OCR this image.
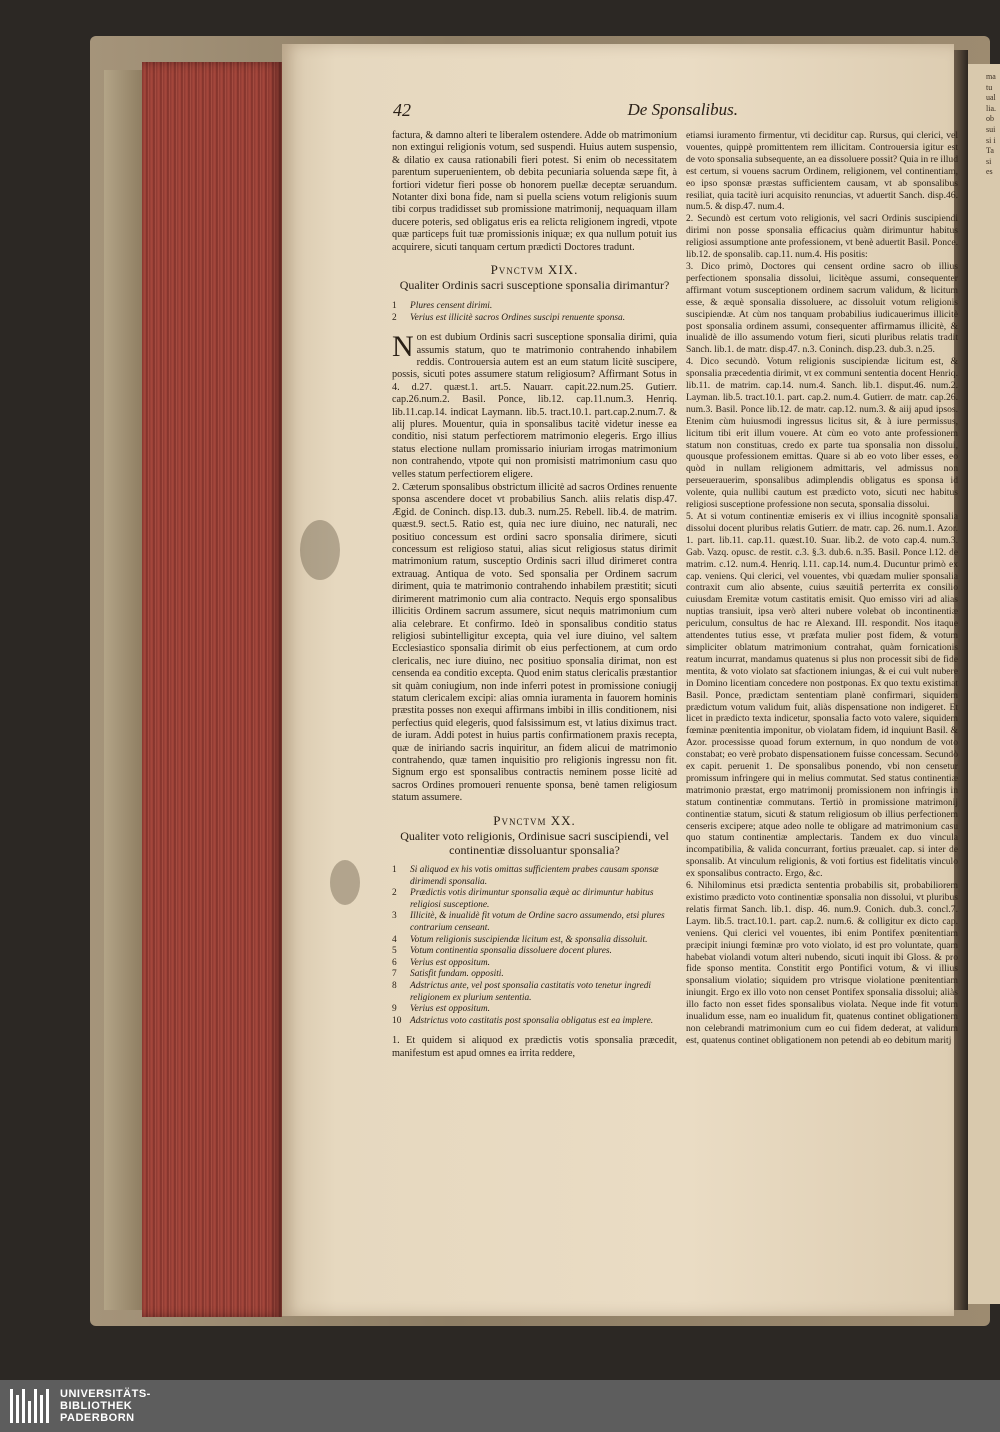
ma
tu
ual
lia.
ob
sui
si i
Ta
si
es
42	De Sponsalibus.

factura, & damno alteri te liberalem ostendere. Adde ob matrimonium non extingui religionis votum, sed suspendi. Huius autem suspensio, & dilatio ex causa rationabili fieri potest. Si enim ob necessitatem parentum superuenientem, ob debita pecuniaria soluenda sæpe fit, à fortiori videtur fieri posse ob honorem puellæ deceptæ seruandum. Notanter dixi bona fide, nam si puella sciens votum religionis suum tibi corpus tradidisset sub promissione matrimonij, nequaquam illam ducere poteris, sed obligatus eris ea relicta religionem ingredi, vtpote quæ particeps fuit tuæ promissionis iniquæ; ex qua nullum potuit ius acquirere, sicuti tanquam certum prædicti Doctores tradunt.

Pvnctvm XIX.
Qualiter Ordinis sacri susceptione sponsalia dirimantur?
1	Plures censent dirimi.
2	Verius est illicitè sacros Ordines suscipi renuente sponsa.

Non est dubium Ordinis sacri susceptione sponsalia dirimi, quia assumis statum, quo te matrimonio contrahendo inhabilem reddis. Controuersia autem est an eum statum licitè suscipere, possis, sicuti potes assumere statum religiosum? Affirmant Sotus in 4. d.27. quæst.1. art.5. Nauarr. capit.22.num.25. Gutierr. cap.26.num.2. Basil. Ponce, lib.12. cap.11.num.3. Henriq. lib.11.cap.14. indicat Laymann. lib.5. tract.10.1. part.cap.2.num.7. & alij plures. Mouentur, quia in sponsalibus tacitè videtur inesse ea conditio, nisi statum perfectiorem matrimonio elegeris. Ergo illius status electione nullam promissario iniuriam irrogas matrimonium non contrahendo, vtpote qui non promisisti matrimonium casu quo velles statum perfectiorem eligere.

2. Cæterum sponsalibus obstrictum illicitè ad sacros Ordines renuente sponsa ascendere docet vt probabilius Sanch. aliis relatis disp.47. Ægid. de Coninch. disp.13. dub.3. num.25. Rebell. lib.4. de matrim. quæst.9. sect.5. Ratio est, quia nec iure diuino, nec naturali, nec positiuo concessum est ordini sacro sponsalia dirimere, sicuti concessum est religioso statui, alias sicut religiosus status dirimit matrimonium ratum, susceptio Ordinis sacri illud dirimeret contra extrauag. Antiqua de voto. Sed sponsalia per Ordinem sacrum diriment, quia te matrimonio contrahendo inhabilem præstitit; sicuti dirimerent matrimonio cum alia contracto. Nequis ergo sponsalibus illicitis Ordinem sacrum assumere, sicut nequis matrimonium cum alia celebrare. Et confirmo. Ideò in sponsalibus conditio status religiosi subintelligitur excepta, quia vel iure diuino, vel saltem Ecclesiastico sponsalia dirimit ob eius perfectionem, at cum ordo clericalis, nec iure diuino, nec positiuo sponsalia dirimat, non est censenda ea conditio excepta. Quod enim status clericalis præstantior sit quàm coniugium, non inde inferri potest in promissione coniugij statum clericalem excipi: alias omnia iuramenta in fauorem hominis præstita posses non exequi affirmans imbibi in illis conditionem, nisi perfectius quid elegeris, quod falsissimum est, vt latius diximus tract. de iuram. Addi potest in huius partis confirmationem praxis recepta, quæ de iniriando sacris inquiritur, an fidem alicui de matrimonio contrahendo, quæ tamen inquisitio pro religionis ingressu non fit. Signum ergo est sponsalibus contractis neminem posse licitè ad sacros Ordines promoueri renuente sponsa, benè tamen religiosum statum assumere.

Pvnctvm XX.
Qualiter voto religionis, Ordinisue sacri suscipiendi, vel continentiæ dissoluantur sponsalia?
1	Si aliquod ex his votis omittas sufficientem prabes causam sponsæ dirimendi sponsalia.
2	Prædictis votis dirimuntur sponsalia æquè ac dirimuntur habitus religiosi susceptione.
3	Illicitè, & inualidè fit votum de Ordine sacro assumendo, etsi plures contrarium censeant.
4	Votum religionis suscipiendæ licitum est, & sponsalia dissoluit.
5	Votum continentia sponsalia dissoluere docent plures.
6	Verius est oppositum.
7	Satisfit fundam. oppositi.
8	Adstrictus ante, vel post sponsalia castitatis voto tenetur ingredi religionem ex plurium sententia.
9	Verius est oppositum.
10 Adstrictus voto castitatis post sponsalia obligatus est ea implere.

1. Et quidem si aliquod ex prædictis votis sponsalia præcedit, manifestum est apud omnes ea irrita reddere,

etiamsi iuramento firmentur, vti deciditur cap. Rursus, qui clerici, vel vouentes, quippè promittentem rem illicitam. Controuersia igitur est de voto sponsalia subsequente, an ea dissoluere possit? Quia in re illud est certum, si vouens sacrum Ordinem, religionem, vel continentiam, eo ipso sponsæ præstas sufficientem causam, vt ab sponsalibus resiliat, quia tacitè iuri acquisito renuncias, vt aduertit Sanch. disp.46. num.5. & disp.47. num.4.
2. Secundò est certum voto religionis, vel sacri Ordinis suscipiendi dirimi non posse sponsalia efficacius quàm dirimuntur habitus religiosi assumptione ante professionem, vt benè aduertit Basil. Ponce. lib.12. de sponsalib. cap.11. num.4. His positis:
3. Dico primò, Doctores qui censent ordine sacro ob illius perfectionem sponsalia dissolui, licitèque assumi, consequenter affirmant votum susceptionem ordinem sacrum validum, & licitum esse, & æquè sponsalia dissoluere, ac dissoluit votum religionis suscipiendæ. At cùm nos tanquam probabilius iudicauerimus illicitè post sponsalia ordinem assumi, consequenter affirmamus illicitè, & inualidè de illo assumendo votum fieri, sicuti pluribus relatis tradit Sanch. lib.1. de matr. disp.47. n.3. Coninch. disp.23. dub.3. n.25.
4. Dico secundò. Votum religionis suscipiendæ licitum est, & sponsalia præcedentia dirimit, vt ex communi sententia docent Henriq. lib.11. de matrim. cap.14. num.4. Sanch. lib.1. disput.46. num.2. Layman. lib.5. tract.10.1. part. cap.2. num.4. Gutierr. de matr. cap.26. num.3. Basil. Ponce lib.12. de matr. cap.12. num.3. & aiij apud ipsos. Etenim cùm huiusmodi ingressus licitus sit, & à iure permissus, licitum tibi erit illum vouere. At cùm eo voto ante professionem statum non constituas, credo ex parte tua sponsalia non dissolui, quousque professionem emittas. Quare si ab eo voto liber esses, eo quòd in nullam religionem admittaris, vel admissus non perseuerauerim, sponsalibus adimplendis obligatus es sponsa id volente, quia nullibi cautum est prædicto voto, sicuti nec habitus religiosi susceptione professione non secuta, sponsalia dissolui.
5. At si votum continentiæ emiseris ex vi illius incognitè sponsalia dissolui docent pluribus relatis Gutierr. de matr. cap. 26. num.1. Azor. 1. part. lib.11. cap.11. quæst.10. Suar. lib.2. de voto cap.4. num.3. Gab. Vazq. opusc. de restit. c.3. §.3. dub.6. n.35. Basil. Ponce l.12. de matrim. c.12. num.4. Henriq. l.11. cap.14. num.4. Ducuntur primò ex cap. veniens. Qui clerici, vel vouentes, vbi quædam mulier sponsalia contraxit cum alio absente, cuius sæuitiâ perterrita ex consilio cuiusdam Eremitæ votum castitatis emisit. Quo emisso viri ad alias nuptias transiuit, ipsa verò alteri nubere volebat ob incontinentiæ periculum, consultus de hac re Alexand. III. respondit. Nos itaque attendentes tutius esse, vt præfata mulier post fidem, & votum simpliciter oblatum matrimonium contrahat, quàm fornicationis reatum incurrat, mandamus quatenus si plus non processit sibi de fide mentita, & voto violato sat sfactionem iniungas, & ei cui vult nubere in Domino licentiam concedere non postponas. Ex quo textu existimat Basil. Ponce, prædictam sententiam planè confirmari, siquidem prædictum votum validum fuit, aliàs dispensatione non indigeret. Et licet in prædicto texta indicetur, sponsalia facto voto valere, siquidem fœminæ pœnitentia imponitur, ob violatam fidem, id inquiunt Basil. & Azor. processisse quoad forum externum, in quo nondum de voto constabat; eo verè probato dispensationem fuisse concessam. Secundò ex capit. peruenit 1. De sponsalibus ponendo, vbi non censetur promissum infringere qui in melius commutat. Sed status continentiæ matrimonio præstat, ergo matrimonij promissionem non infringis in statum continentiæ commutans. Tertiò in promissione matrimonij continentiæ statum, sicuti & statum religiosum ob illius perfectionem censeris excipere; atque adeo nolle te obligare ad matrimonium casu quo statum continentiæ amplectaris. Tandem ex duo vincula incompatibilia, & valida concurrant, fortius præualet. cap. si inter de sponsalib. At vinculum religionis, & voti fortius est fidelitatis vinculo ex sponsalibus contracto. Ergo, &c.
6. Nihilominus etsi prædicta sententia probabilis sit, probabiliorem existimo prædicto voto continentiæ sponsalia non dissolui, vt pluribus relatis firmat Sanch. lib.1. disp. 46. num.9. Conich. dub.3. concl.7. Laym. lib.5. tract.10.1. part. cap.2. num.6. & colligitur ex dicto cap. veniens. Qui clerici vel vouentes, ibi enim Pontifex pœnitentiam præcipit iniungi fœminæ pro voto violato, id est pro voluntate, quam habebat violandi votum alteri nubendo, sicuti inquit ibi Gloss. & pro fide sponso mentita. Constitit ergo Pontifici votum, & vi illius sponsalium violatio; siquidem pro vtrisque violatione pœnitentiam iniungit. Ergo ex illo voto non censet Pontifex sponsalia dissolui; aliàs illo facto non esset fides sponsalibus violata. Neque inde fit votum inualidum esse, nam eo inualidum fit, quatenus continet obligationem non celebrandi matrimonium cum eo cui fidem dederat, at validum est, quatenus continet obligationem non petendi ab eo debitum maritj

UNIVERSITÄTS-
BIBLIOTHEK
PADERBORN
